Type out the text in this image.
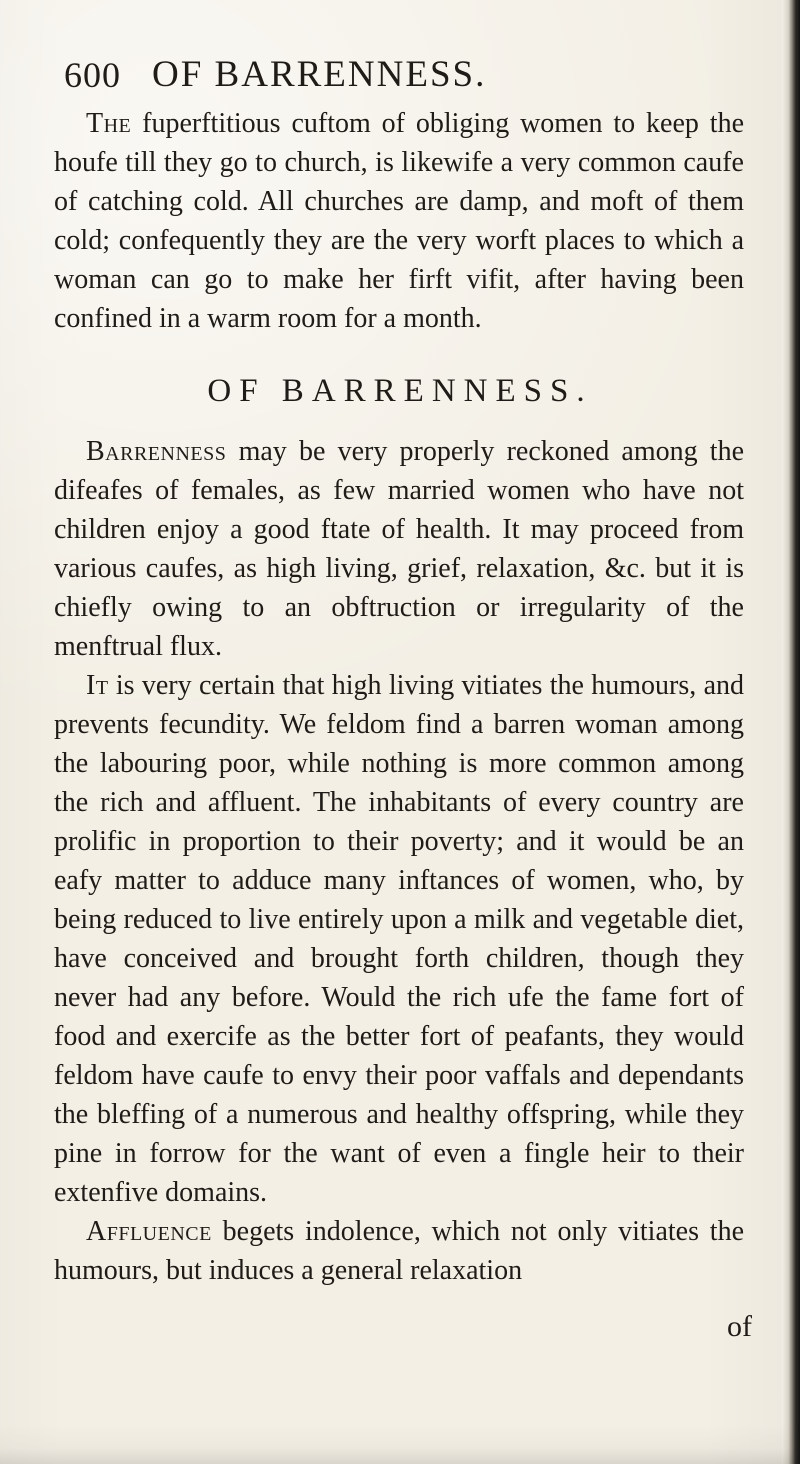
600 OF BARRENNESS.

The fuperftitious cuftom of obliging women to keep the houfe till they go to church, is likewife a very common caufe of catching cold. All churches are damp, and moft of them cold; confequently they are the very worft places to which a woman can go to make her firft vifit, after having been confined in a warm room for a month.

OF BARRENNESS.

Barrenness may be very properly reckoned among the difeafes of females, as few married women who have not children enjoy a good ftate of health. It may proceed from various caufes, as high living, grief, relaxation, &c. but it is chiefly owing to an obftruction or irregularity of the menftrual flux.

It is very certain that high living vitiates the humours, and prevents fecundity. We feldom find a barren woman among the labouring poor, while nothing is more common among the rich and affluent. The inhabitants of every country are prolific in proportion to their poverty; and it would be an eafy matter to adduce many inftances of women, who, by being reduced to live entirely upon a milk and vegetable diet, have conceived and brought forth children, though they never had any before. Would the rich ufe the fame fort of food and exercife as the better fort of peafants, they would feldom have caufe to envy their poor vaffals and dependants the bleffing of a numerous and healthy offspring, while they pine in forrow for the want of even a fingle heir to their extenfive domains.

Affluence begets indolence, which not only vitiates the humours, but induces a general relaxation

of
